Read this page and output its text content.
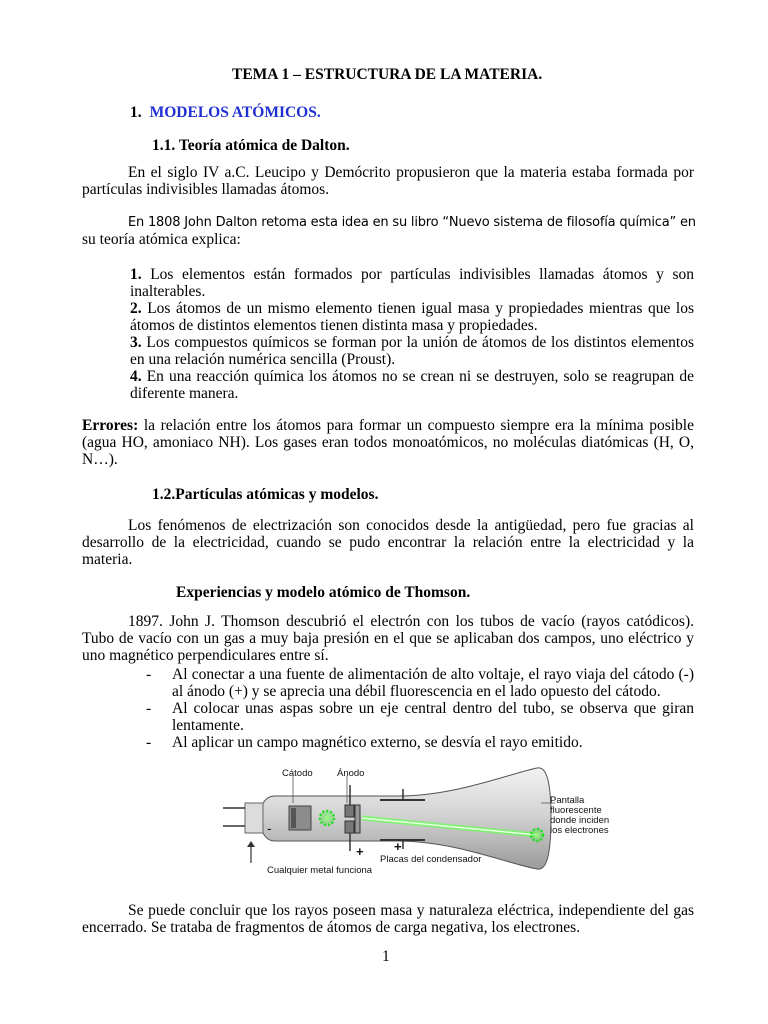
TEMA 1 – ESTRUCTURA DE LA MATERIA.
1. MODELOS ATÓMICOS.
1.1. Teoría atómica de Dalton.

En el siglo IV a.C. Leucipo y Demócrito propusieron que la materia estaba formada por partículas indivisibles llamadas átomos.

En 1808 John Dalton retoma esta idea en su libro “Nuevo sistema de filosofía química” en
su teoría atómica explica:

1. Los elementos están formados por partículas indivisibles llamadas átomos y son inalterables.

2. Los átomos de un mismo elemento tienen igual masa y propiedades mientras que los átomos de distintos elementos tienen distinta masa y propiedades.

3. Los compuestos químicos se forman por la unión de átomos de los distintos elementos en una relación numérica sencilla (Proust).

4. En una reacción química los átomos no se crean ni se destruyen, solo se reagrupan de diferente manera.

Errores: la relación entre los átomos para formar un compuesto siempre era la mínima posible (agua HO, amoniaco NH). Los gases eran todos monoatómicos, no moléculas diatómicas (H, O, N…).

1.2.Partículas atómicas y modelos.

Los fenómenos de electrización son conocidos desde la antigüedad, pero fue gracias al desarrollo de la electricidad, cuando se pudo encontrar la relación entre la electricidad y la materia.

Experiencias y modelo atómico de Thomson.

1897. John J. Thomson descubrió el electrón con los tubos de vacío (rayos catódicos). Tubo de vacío con un gas a muy baja presión en el que se aplicaban dos campos, uno eléctrico y uno magnético perpendiculares entre sí.

- Al conectar a una fuente de alimentación de alto voltaje, el rayo viaja del cátodo (-) al ánodo (+) y se aprecia una débil fluorescencia en el lado opuesto del cátodo.
- Al colocar unas aspas sobre un eje central dentro del tubo, se observa que giran lentamente.
- Al aplicar un campo magnético externo, se desvía el rayo emitido.

Se puede concluir que los rayos poseen masa y naturaleza eléctrica, independiente del gas encerrado. Se trataba de fragmentos de átomos de carga negativa, los electrones.

1
Cátodo	Ánodo
Pantalla
fluorescente
donde inciden
los electrones
Cualquier metal funciona
Placas del condensador
-
+ +
